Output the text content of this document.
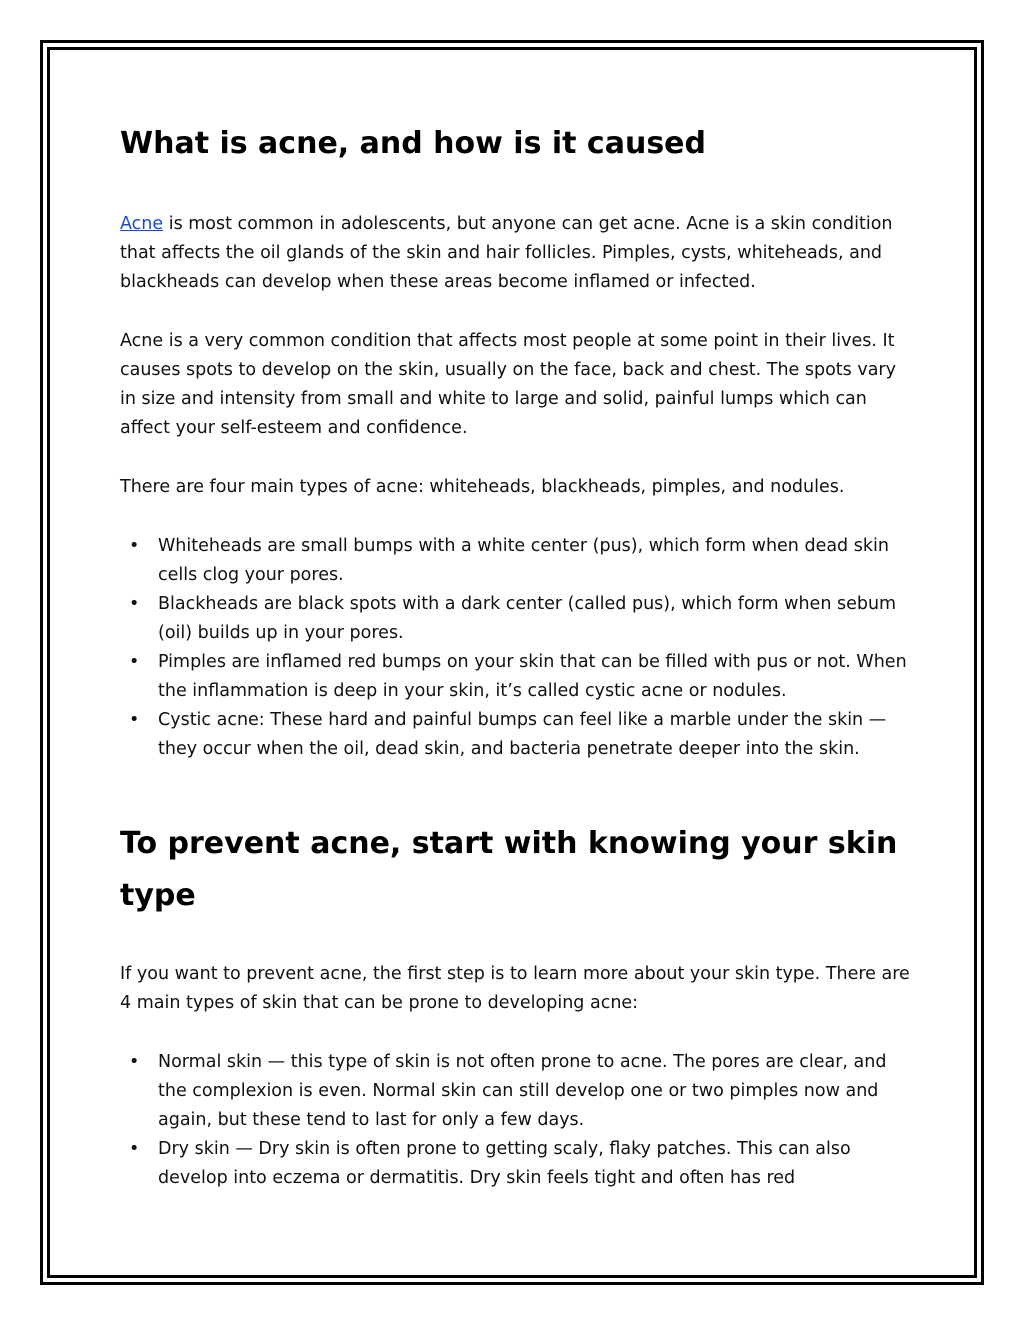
What is acne, and how is it caused

Acne is most common in adolescents, but anyone can get acne. Acne is a skin condition that affects the oil glands of the skin and hair follicles. Pimples, cysts, whiteheads, and blackheads can develop when these areas become inflamed or infected.

Acne is a very common condition that affects most people at some point in their lives. It causes spots to develop on the skin, usually on the face, back and chest. The spots vary in size and intensity from small and white to large and solid, painful lumps which can affect your self-esteem and confidence.

There are four main types of acne: whiteheads, blackheads, pimples, and nodules.

• Whiteheads are small bumps with a white center (pus), which form when dead skin cells clog your pores.
• Blackheads are black spots with a dark center (called pus), which form when sebum (oil) builds up in your pores.
• Pimples are inflamed red bumps on your skin that can be filled with pus or not. When the inflammation is deep in your skin, it’s called cystic acne or nodules.
• Cystic acne: These hard and painful bumps can feel like a marble under the skin — they occur when the oil, dead skin, and bacteria penetrate deeper into the skin.
To prevent acne, start with knowing your skin type

If you want to prevent acne, the first step is to learn more about your skin type. There are 4 main types of skin that can be prone to developing acne:

• Normal skin — this type of skin is not often prone to acne. The pores are clear, and the complexion is even. Normal skin can still develop one or two pimples now and again, but these tend to last for only a few days.
• Dry skin — Dry skin is often prone to getting scaly, flaky patches. This can also develop into eczema or dermatitis. Dry skin feels tight and often has red
